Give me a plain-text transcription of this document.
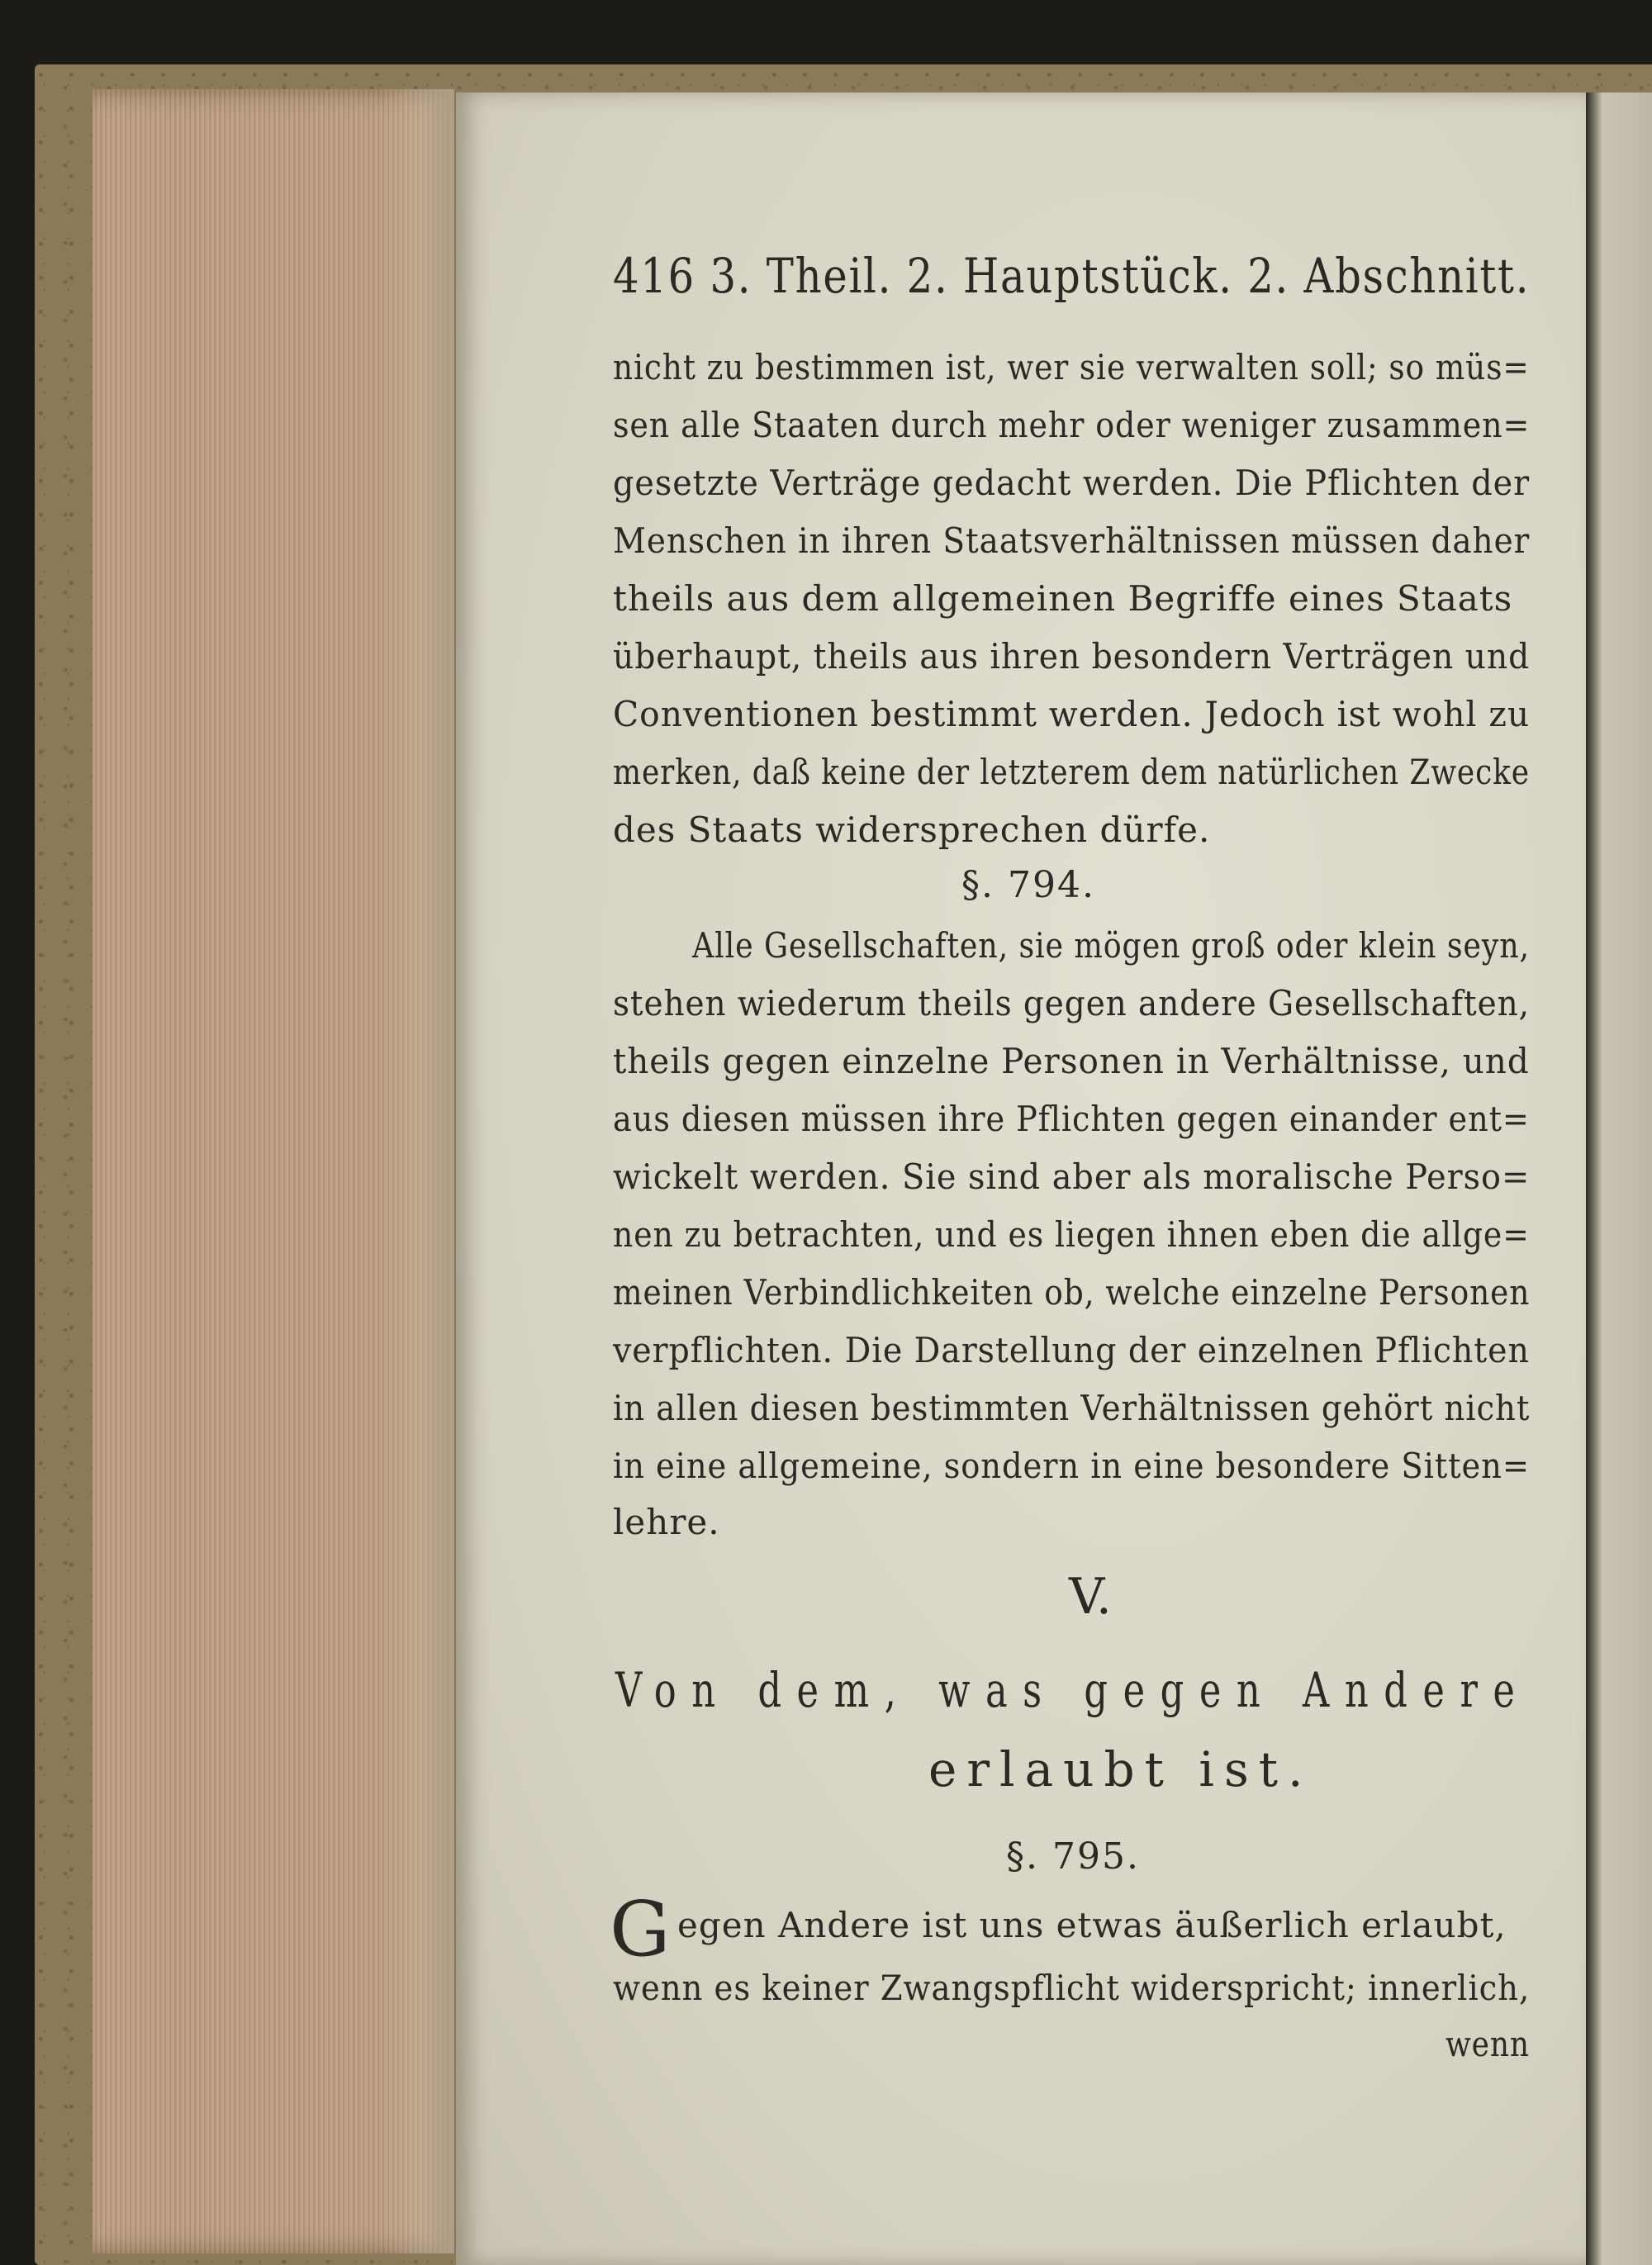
416 3. Theil. 2. Hauptstück. 2. Abschnitt.
nicht zu bestimmen ist, wer sie verwalten soll; so müs=
sen alle Staaten durch mehr oder weniger zusammen=
gesetzte Verträge gedacht werden. Die Pflichten der
Menschen in ihren Staatsverhältnissen müssen daher
theils aus dem allgemeinen Begriffe eines Staats
überhaupt, theils aus ihren besondern Verträgen und
Conventionen bestimmt werden. Jedoch ist wohl zu
merken, daß keine der letzterem dem natürlichen Zwecke
des Staats widersprechen dürfe.
§. 794.
Alle Gesellschaften, sie mögen groß oder klein seyn,
stehen wiederum theils gegen andere Gesellschaften,
theils gegen einzelne Personen in Verhältnisse, und
aus diesen müssen ihre Pflichten gegen einander ent=
wickelt werden. Sie sind aber als moralische Perso=
nen zu betrachten, und es liegen ihnen eben die allge=
meinen Verbindlichkeiten ob, welche einzelne Personen
verpflichten. Die Darstellung der einzelnen Pflichten
in allen diesen bestimmten Verhältnissen gehört nicht
in eine allgemeine, sondern in eine besondere Sitten=
lehre.
V.
Von dem, was gegen Andere
erlaubt ist.
§. 795.
G egen Andere ist uns etwas äußerlich erlaubt,
wenn es keiner Zwangspflicht widerspricht; innerlich,
wenn
